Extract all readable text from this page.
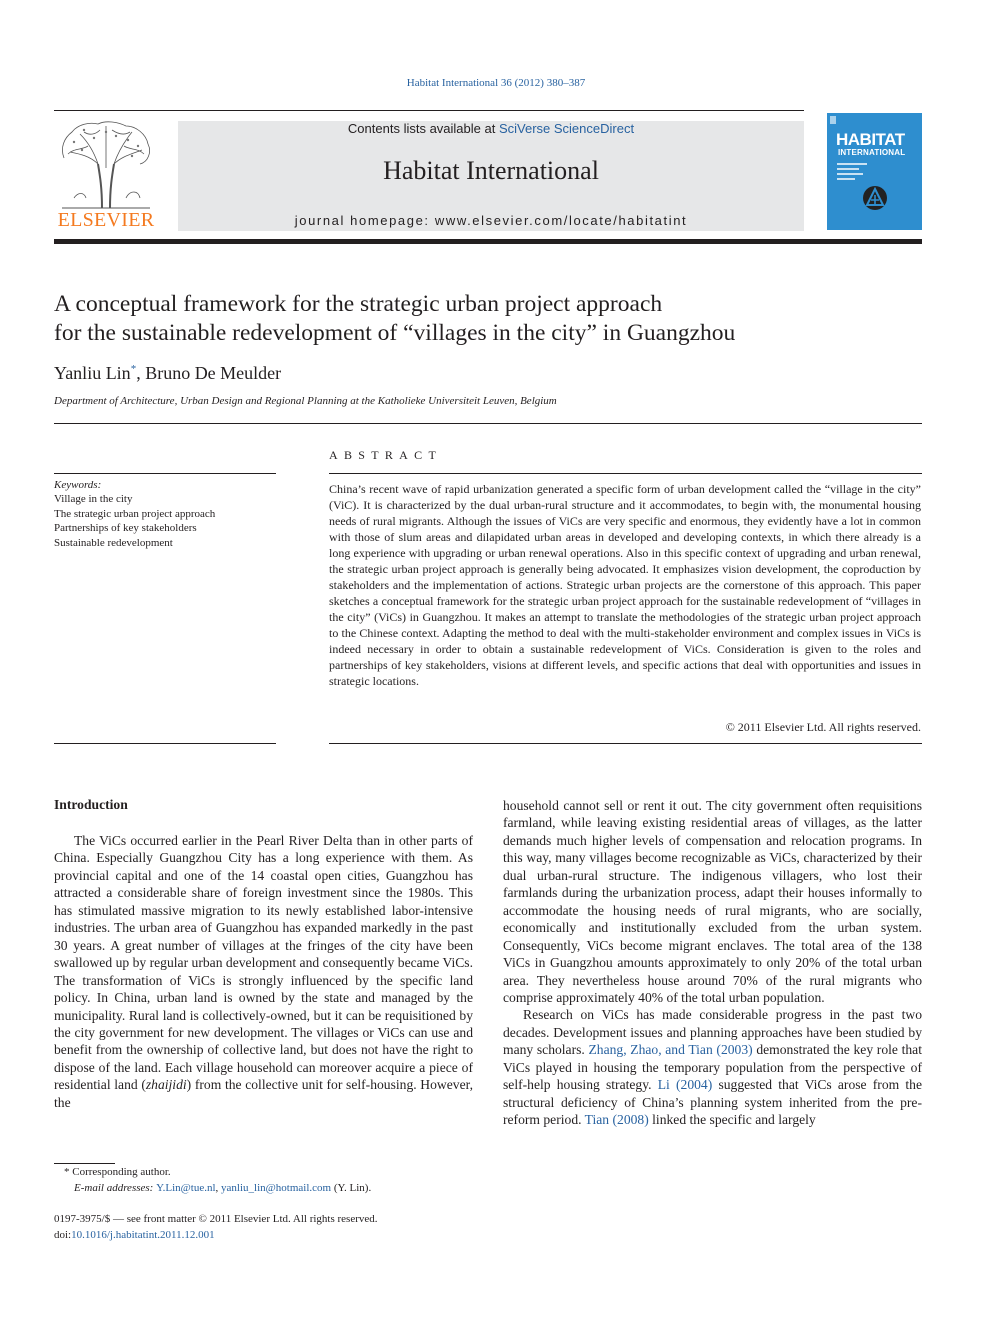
Habitat International 36 (2012) 380–387
ELSEVIER
Contents lists available at SciVerse ScienceDirect
Habitat International
journal homepage: www.elsevier.com/locate/habitatint
HABITAT
INTERNATIONAL
A conceptual framework for the strategic urban project approach
for the sustainable redevelopment of “villages in the city” in Guangzhou
Yanliu Lin*, Bruno De Meulder
Department of Architecture, Urban Design and Regional Planning at the Katholieke Universiteit Leuven, Belgium
Keywords:
Village in the city
The strategic urban project approach
Partnerships of key stakeholders
Sustainable redevelopment
ABSTRACT
China’s recent wave of rapid urbanization generated a specific form of urban development called the “village in the city” (ViC). It is characterized by the dual urban-rural structure and it accommodates, to begin with, the monumental housing needs of rural migrants. Although the issues of ViCs are very specific and enormous, they evidently have a lot in common with those of slum areas and dilapidated urban areas in developed and developing contexts, in which there already is a long experience with upgrading or urban renewal operations. Also in this specific context of upgrading and urban renewal, the strategic urban project approach is generally being advocated. It emphasizes vision development, the coproduction by stakeholders and the implementation of actions. Strategic urban projects are the cornerstone of this approach. This paper sketches a conceptual framework for the strategic urban project approach for the sustainable redevelopment of “villages in the city” (ViCs) in Guangzhou. It makes an attempt to translate the methodologies of the strategic urban project approach to the Chinese context. Adapting the method to deal with the multi-stakeholder environment and complex issues in ViCs is indeed necessary in order to obtain a sustainable redevelopment of ViCs. Consideration is given to the roles and partnerships of key stakeholders, visions at different levels, and specific actions that deal with opportunities and issues in strategic locations.
© 2011 Elsevier Ltd. All rights reserved.
Introduction

The ViCs occurred earlier in the Pearl River Delta than in other parts of China. Especially Guangzhou City has a long experience with them. As provincial capital and one of the 14 coastal open cities, Guangzhou has attracted a considerable share of foreign investment since the 1980s. This has stimulated massive migration to its newly established labor-intensive industries. The urban area of Guangzhou has expanded markedly in the past 30 years. A great number of villages at the fringes of the city have been swallowed up by regular urban development and consequently became ViCs. The transformation of ViCs is strongly influenced by the specific land policy. In China, urban land is owned by the state and managed by the municipality. Rural land is collectively-owned, but it can be requisitioned by the city government for new development. The villages or ViCs can use and benefit from the ownership of collective land, but does not have the right to dispose of the land. Each village household can moreover acquire a piece of residential land (zhaijidi) from the collective unit for self-housing. However, the

household cannot sell or rent it out. The city government often requisitions farmland, while leaving existing residential areas of villages, as the latter demands much higher levels of compensation and relocation programs. In this way, many villages become recognizable as ViCs, characterized by their dual urban-rural structure. The indigenous villagers, who lost their farmlands during the urbanization process, adapt their houses informally to accommodate the housing needs of rural migrants, who are socially, economically and institutionally excluded from the urban system. Consequently, ViCs become migrant enclaves. The total area of the 138 ViCs in Guangzhou amounts approximately to only 20% of the total urban area. They nevertheless house around 70% of the rural migrants who comprise approximately 40% of the total urban population.

Research on ViCs has made considerable progress in the past two decades. Development issues and planning approaches have been studied by many scholars. Zhang, Zhao, and Tian (2003) demonstrated the key role that ViCs played in housing the temporary population from the perspective of self-help housing strategy. Li (2004) suggested that ViCs arose from the structural deficiency of China’s planning system inherited from the pre-reform period. Tian (2008) linked the specific and largely

* Corresponding author.
E-mail addresses: Y.Lin@tue.nl, yanliu_lin@hotmail.com (Y. Lin).
0197-3975/$ — see front matter © 2011 Elsevier Ltd. All rights reserved.
doi:10.1016/j.habitatint.2011.12.001
